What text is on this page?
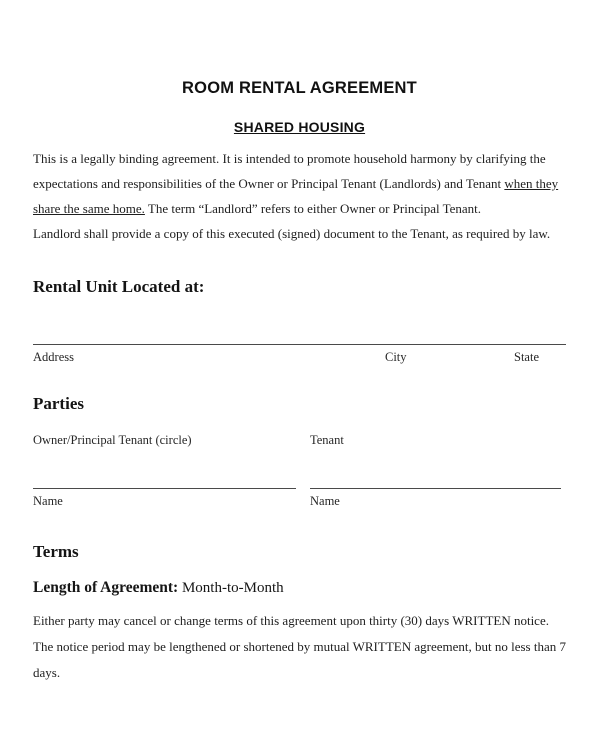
ROOM RENTAL AGREEMENT
SHARED HOUSING

This is a legally binding agreement. It is intended to promote household harmony by clarifying the expectations and responsibilities of the Owner or Principal Tenant (Landlords) and Tenant when they share the same home. The term “Landlord” refers to either Owner or Principal Tenant.

Landlord shall provide a copy of this executed (signed) document to the Tenant, as required by law.

Rental Unit Located at:
Address	City	State
Parties
Owner/Principal Tenant (circle)	Tenant
Name	Name
Terms
Length of Agreement: Month-to-Month

Either party may cancel or change terms of this agreement upon thirty (30) days WRITTEN notice. The notice period may be lengthened or shortened by mutual WRITTEN agreement, but no less than 7 days.
